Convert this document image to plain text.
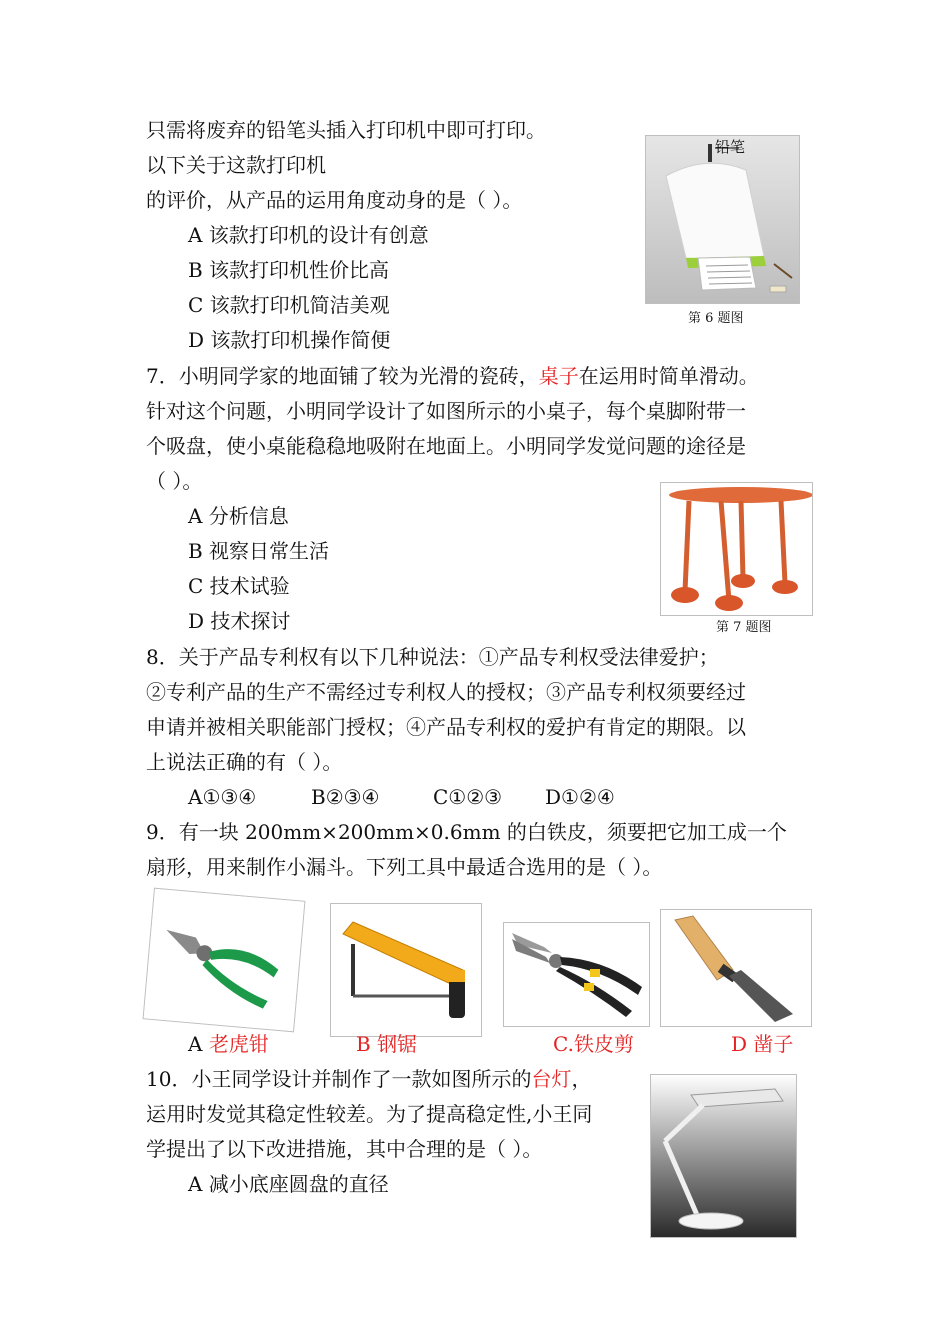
只需将废弃的铅笔头插入打印机中即可打印。
以下关于这款打印机
的评价，从产品的运用角度动身的是（ ）。
A 该款打印机的设计有创意
B 该款打印机性价比高
C 该款打印机简洁美观
D 该款打印机操作简便
铅笔
第 6 题图
7．小明同学家的地面铺了较为光滑的瓷砖，桌子在运用时简单滑动。
针对这个问题，小明同学设计了如图所示的小桌子，每个桌脚附带一
个吸盘，使小桌能稳稳地吸附在地面上。小明同学发觉问题的途径是
（ ）。
A 分析信息
B 视察日常生活
C 技术试验
D 技术探讨	第 7 题图
8．关于产品专利权有以下几种说法：①产品专利权受法律爱护；
②专利产品的生产不需经过专利权人的授权；③产品专利权须要经过
申请并被相关职能部门授权；④产品专利权的爱护有肯定的期限。以
上说法正确的有（ ）。
A①③④	B②③④	C①②③ D①②④
9．有一块 200mm×200mm×0.6mm 的白铁皮，须要把它加工成一个
扇形，用来制作小漏斗。下列工具中最适合选用的是（ ）。
A 老虎钳	B 钢锯	C.铁皮剪	D 凿子
10．小王同学设计并制作了一款如图所示的台灯，
运用时发觉其稳定性较差。为了提高稳定性,小王同
学提出了以下改进措施，其中合理的是（ ）。
A 减小底座圆盘的直径
